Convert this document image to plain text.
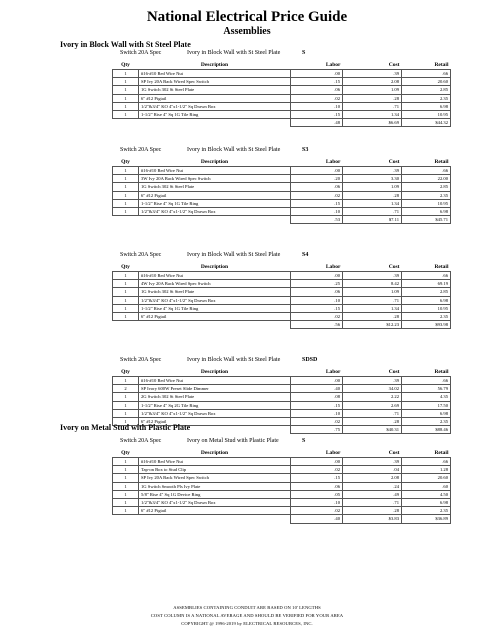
National Electrical Price Guide
Assemblies
Ivory in Block Wall with St Steel Plate
Switch 20A Spec	Ivory in Block Wall with St Steel Plate	S
Qty	Description	Labor	Cost	Retail
1	#16-#10 Red Wire Nut	.00	.39	.66
1	SP Ivy 20A Back Wired Spec Switch	.15	2.08	20.60
1	1G Switch 302 St Steel Plate	.06	1.09	2.85
1	6" #12 Pigtail	.02	.28	2.35
1	1/2"&3/4" KO 4"x1-1/2" Sq Drawn Box	.10	.71	6.98
1	1-1/2" Rise 4" Sq 1G Tile Ring	.15	1.34	10.95
		.48	$6.69	$44.32
Switch 20A Spec	Ivory in Block Wall with St Steel Plate	S3
Qty	Description	Labor	Cost	Retail
1	#16-#10 Red Wire Nut	.00	.39	.66
1	3W Ivy 20A Back Wired Spec Switch	.20	3.30	22.00
1	1G Switch 302 St Steel Plate	.06	1.09	2.85
1	6" #12 Pigtail	.02	.28	2.35
1	1-1/2" Rise 4" Sq 1G Tile Ring	.15	1.34	10.95
1	1/2"&3/4" KO 4"x1-1/2" Sq Drawn Box	.10	.71	6.98
		.53	$7.11	$45.71
Switch 20A Spec	Ivory in Block Wall with St Steel Plate	S4
Qty	Description	Labor	Cost	Retail
1	#16-#10 Red Wire Nut	.00	.39	.66
1	4W Ivy 20A Back Wired Spec Switch	.25	8.42	69.19
1	1G Switch 302 St Steel Plate	.06	1.09	2.85
1	1/2"&3/4" KO 4"x1-1/2" Sq Drawn Box	.10	.71	6.98
1	1-1/2" Rise 4" Sq 1G Tile Ring	.15	1.34	10.95
1	6" #12 Pigtail	.02	.28	2.35
		.56	$12.23	$93.98
Switch 20A Spec	Ivory in Block Wall with St Steel Plate	SDSD
Qty	Description	Labor	Cost	Retail
1	#16-#10 Red Wire Nut	.00	.39	.66
2	SP Ivory 600W Preset Slide Dimmer	.40	34.02	56.79
1	2G Switch 302 St Steel Plate	.08	2.22	4.35
1	1-1/2" Rise 4" Sq 2G Tile Ring	.15	2.69	17.50
1	1/2"&3/4" KO 4"x1-1/2" Sq Drawn Box	.10	.71	6.98
1	6" #12 Pigtail	.02	.28	2.35
		.75	$40.31	$88.46
Ivory on Metal Stud with Plastic Plate
Switch 20A Spec	Ivory on Metal Stud with Plastic Plate	S
Qty	Description	Labor	Cost	Retail
1	#16-#10 Red Wire Nut	.00	.39	.66
1	Tap-on Box to Stud Clip	.02	.04	1.28
1	SP Ivy 20A Back Wired Spec Switch	.15	2.08	20.60
1	1G Switch Smooth Pls Ivy Plate	.06	.24	.60
1	5/8" Rise 4" Sq 1G Device Ring	.05	.49	4.50
1	1/2"&3/4" KO 4"x1-1/2" Sq Drawn Box	.10	.71	6.98
1	6" #12 Pigtail	.02	.28	2.35
		.40	$3.83	$36.89
ASSEMBLIES CONTAINING CONDUIT ARE BASED ON 10' LENGTHS
COST COLUMN IS A NATIONAL AVERAGE AND SHOULD BE VERIFIED FOR YOUR AREA
COPYRIGHT @ 1996-2019 by ELECTRICAL RESOURCES, INC.
